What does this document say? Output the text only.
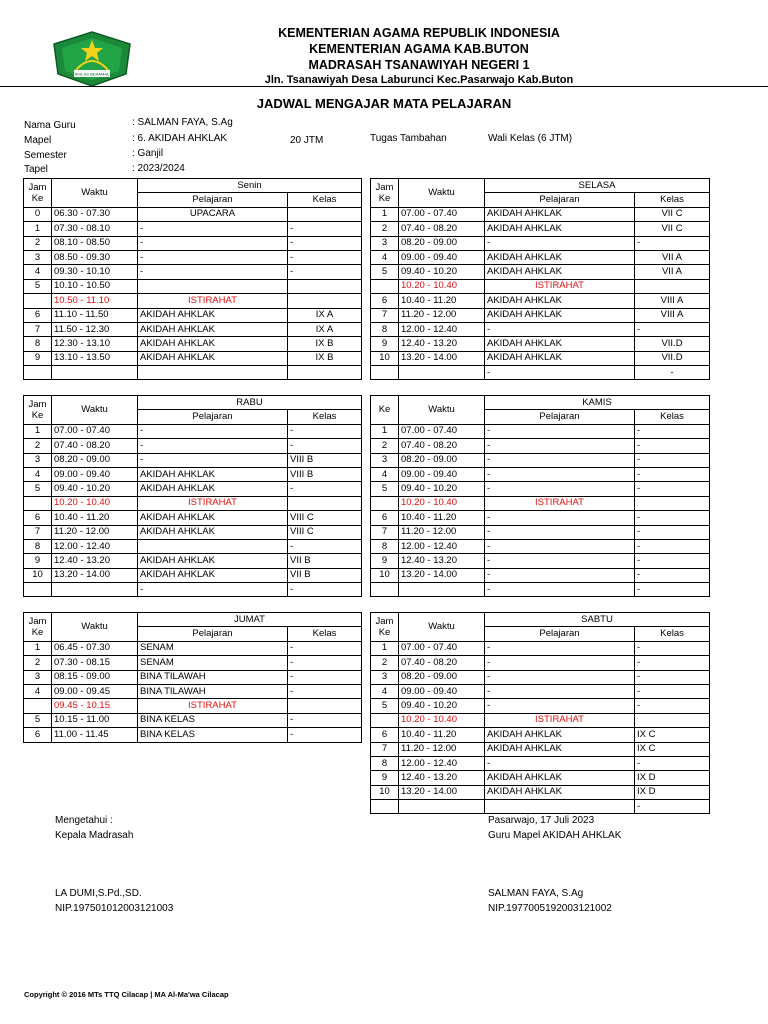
IKHLAS BERAMAL
KEMENTERIAN AGAMA REPUBLIK INDONESIA
KEMENTERIAN AGAMA KAB.BUTON
MADRASAH TSANAWIYAH NEGERI 1
Jln. Tsanawiyah Desa Laburunci Kec.Pasarwajo Kab.Buton
JADWAL MENGAJAR MATA PELAJARAN
Nama Guru	: SALMAN FAYA, S.Ag
Mapel	: 6. AKIDAH AHKLAK	20 JTM	Tugas Tambahan	Wali Kelas (6 JTM)
Semester	: Ganjil
Tapel	: 2023/2024
Jam Ke	Waktu	Senin	
		Pelajaran	Kelas
0	06.30 - 07.30	UPACARA	
1	07.30 - 08.10	-	-
2	08.10 - 08.50	-	-
3	08.50 - 09.30	-	-
4	09.30 - 10.10	-	-
5	10.10 - 10.50		
	10.50 - 11.10	ISTIRAHAT	
6	11.10 - 11.50	AKIDAH AHKLAK	IX A
7	11.50 - 12.30	AKIDAH AHKLAK	IX A
8	12.30 - 13.10	AKIDAH AHKLAK	IX B
9	13.10 - 13.50	AKIDAH AHKLAK	IX B

Jam Ke	Waktu	SELASA	
		Pelajaran	Kelas
1	07.00 - 07.40	AKIDAH AHKLAK	VII C
2	07.40 - 08.20	AKIDAH AHKLAK	VII C
3	08.20 - 09.00	-	-
4	09.00 - 09.40	AKIDAH AHKLAK	VII A
5	09.40 - 10.20	AKIDAH AHKLAK	VII A
	10.20 - 10.40	ISTIRAHAT	
6	10.40 - 11.20	AKIDAH AHKLAK	VIII A
7	11.20 - 12.00	AKIDAH AHKLAK	VIII A
8	12.00 - 12.40	-	-
9	12.40 - 13.20	AKIDAH AHKLAK	VII.D
10	13.20 - 14.00	AKIDAH AHKLAK	VII.D
		-	-
Jam Ke	Waktu	RABU	
		Pelajaran	Kelas
1	07.00 - 07.40	-	-
2	07.40 - 08.20	-	-
3	08.20 - 09.00	-	VIII B
4	09.00 - 09.40	AKIDAH AHKLAK	VIII B
5	09.40 - 10.20	AKIDAH AHKLAK	-
	10.20 - 10.40	ISTIRAHAT	
6	10.40 - 11.20	AKIDAH AHKLAK	VIII C
7	11.20 - 12.00	AKIDAH AHKLAK	VIII C
8	12.00 - 12.40		-
9	12.40 - 13.20	AKIDAH AHKLAK	VII B
10	13.20 - 14.00	AKIDAH AHKLAK	VII B
		-	-
Ke	Waktu	KAMIS	
		Pelajaran	Kelas
1	07.00 - 07.40	-	-
2	07.40 - 08.20	-	-
3	08.20 - 09.00	-	-
4	09.00 - 09.40	-	-
5	09.40 - 10.20	-	-
	10.20 - 10.40	ISTIRAHAT	
6	10.40 - 11.20	-	-
7	11.20 - 12.00	-	-
8	12.00 - 12.40	-	-
9	12.40 - 13.20	-	-
10	13.20 - 14.00	-	-
		-	-
Jam Ke	Waktu	JUMAT	
		Pelajaran	Kelas
1	06.45 - 07.30	SENAM	-
2	07.30 - 08.15	SENAM	-
3	08.15 - 09.00	BINA TILAWAH	-
4	09.00 - 09.45	BINA TILAWAH	-
	09.45 - 10.15	ISTIRAHAT	
5	10.15 - 11.00	BINA KELAS	-
6	11.00 - 11.45	BINA KELAS	-
Jam Ke	Waktu	SABTU	
		Pelajaran	Kelas
1	07.00 - 07.40	-	-
2	07.40 - 08.20	-	-
3	08.20 - 09.00	-	-
4	09.00 - 09.40	-	-
5	09.40 - 10.20	-	-
	10.20 - 10.40	ISTIRAHAT	
6	10.40 - 11.20	AKIDAH AHKLAK	IX C
7	11.20 - 12.00	AKIDAH AHKLAK	IX C
8	12.00 - 12.40	-	-
9	12.40 - 13.20	AKIDAH AHKLAK	IX D
10	13.20 - 14.00	AKIDAH AHKLAK	IX D
			-
Mengetahui :
Kepala Madrasah
LA DUMI,S.Pd.,SD.
NIP.197501012003121003
Pasarwajo, 17 Juli 2023
Guru Mapel AKIDAH AHKLAK
SALMAN FAYA, S.Ag
NIP.197700519200312100​2
Copyright © 2016 MTs TTQ Cilacap | MA Al-Ma'wa Cilacap
